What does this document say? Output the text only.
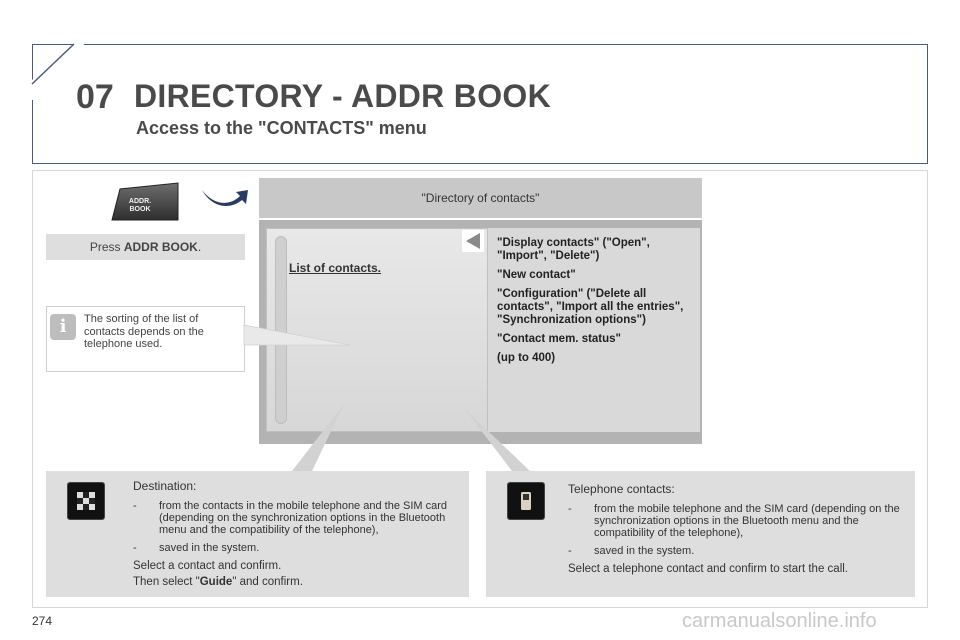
07 DIRECTORY - ADDR BOOK
Access to the "CONTACTS" menu
ADDR.
BOOK
Press ADDR BOOK.
i	The sorting of the list of contacts depends on the telephone used.
"Directory of contacts"
List of contacts.

"Display contacts" ("Open", "Import", "Delete")

"New contact"

"Configuration" ("Delete all contacts", "Import all the entries", "Synchronization options")

"Contact mem. status"

(up to 400)

Destination:
- from the contacts in the mobile telephone and the SIM card (depending on the synchronization options in the Bluetooth menu and the compatibility of the telephone),
- saved in the system.
Select a contact and confirm.
Then select "Guide" and confirm.
Telephone contacts:
- from the mobile telephone and the SIM card (depending on the synchronization options in the Bluetooth menu and the compatibility of the telephone),
- saved in the system.
Select a telephone contact and confirm to start the call.
274	carmanualsonline.info
